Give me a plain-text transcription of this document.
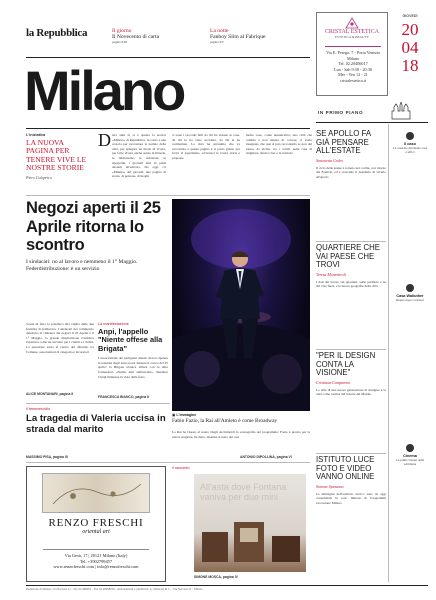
la Repubblica	Il giorno
Il Novecento di carta
pagina XIII
La notte
Fanboy Slim al Fabrique
pagina XV
Milano
CRISTAL ESTETICA
ESTETICA & BEAUTY
Via E. Perego, 7 - Porta Venezia
Milano
Tel. 02.20406017
Lun - Sab 9:30 - 20:30
Mer - Ven 12 - 21
cristalestetica.it
GIOVEDÌ
20
04
18
IN PRIMO PIANO
L'iniziativa
LA NUOVA PAGINA PER TENERE VIVE LE NOSTRE STORIE
Piero Colaprico
D ieci anni fa si è spenta la storica «Milano» di Repubblica, in conto e una costola per raccontare le notizie della città, per spiegare un modo di vivere, per farle vivere anche senza le librerie, le biblioteche, le redazioni, le tipografie, i giornali letti in piedi davanti all'edicola. Da oggi c'è «Milano» del giovedì: una pagina di storie, di persone, di luoghi
ci sono i racconti fatti da chi ha vissuto le cose, da chi le ha viste accadere, da chi le ha combattute. La città ha un'anima che va raccontata e questa pagina è il posto giusto per farlo: vi aspettiamo, scriveteci le vostre storie e proposte
molte cose, come nessun'altra; una città che cambia e non smette di correre, ci avete insegnato che non si può raccontarla se non dal basso, da vicino, tra i cortili, nelle case di ringhiera, dentro i bar e le trattorie
Negozi aperti il 25 Aprile ritorna lo scontro
I sindacati: no al lavoro e nemmeno il 1° Maggio. Federdistribuzione: è un servizio
Scatta di fatto la polemica alla vigilia delle due festività di primavera. I sindacati del commercio chiedono la chiusura dei negozi il 25 Aprile e il 1° Maggio, la grande distribuzione rivendica l'apertura come un servizio per i clienti e i turisti. La questione torna al centro del dibattito tra Comune, associazioni di categoria e lavoratori
ALICE MONTANARI, pagina II
La manifestazione
Anpi, l'appello "Niente offese alla Brigata"
L'associazione dei partigiani chiede di non ripetere le tensioni degli anni scorsi durante il corteo del 25 aprile: la Brigata ebraica sfilerà con le altre formazioni. «Siamo tutti antifascisti», ribadisce l'Anpi milanese in vista della festa
FRANCESCA BIANCO, pagina II
▣ L'immagine
Fabio Fazio, la Rai all'Amleto è come Broadway
Il femminicidio
La tragedia di Valeria uccisa in strada dal marito	La Rai ha fissato al teatro Degli Arcimboldi la scenografia del programma: Fazio è pronto per la nuova stagione, ha detto, insieme al resto del cast
MASSIMO PISA, pagina III	ANTONIO DIPOLLINA, pagina VI
RENZO FRESCHI
oriental art
Via Gesù, 17 | 20121 Milano (Italy)
Tel. +3902799457
www.renzofreschi.com | info@renzofreschi.com
Il racconto
All'asta dove Fontana vaniva per due mini
SIMONE MOSCA, pagina IV
SE APOLLO FA GIÀ PENSARE ALL'ESTATE
Simonetta Cedro
Il ciclo delle statue è tornato nel cortile, con ritorno del Festival, ed è cresciuto il desiderio di viverlo all'aperto
QUARTIERE CHE VAI PAESE CHE TROVI
Teresa Monestiroli
I dati del lavoro sui quartieri, sulle periferie e su chi vive fuori, e le nuove geografie della città
"PER IL DESIGN CONTA LA VISIONE"
Cristiana Campanini
Lo stile di una nuova generazione di designer e la città come vetrina del Salone del Mobile
ISTITUTO LUCE FOTO E VIDEO VANNO ONLINE
Simone Spezzano
Le immagini dell'archivio storico sono da oggi consultabili in rete: milioni di fotogrammi raccontano Milano
Il caso
Le caserme diventano case e uffici
Casa Walluther
Riapre dopo i restauri
Cinema
Le prime visioni della settimana
Redazione di Milano: via Nervesa 21 - Tel. 02.480981 - Fax 02.48098229 - Abbonamenti e pubblicità: A. Manzoni & C. - Via Nervesa 21 - Milano
